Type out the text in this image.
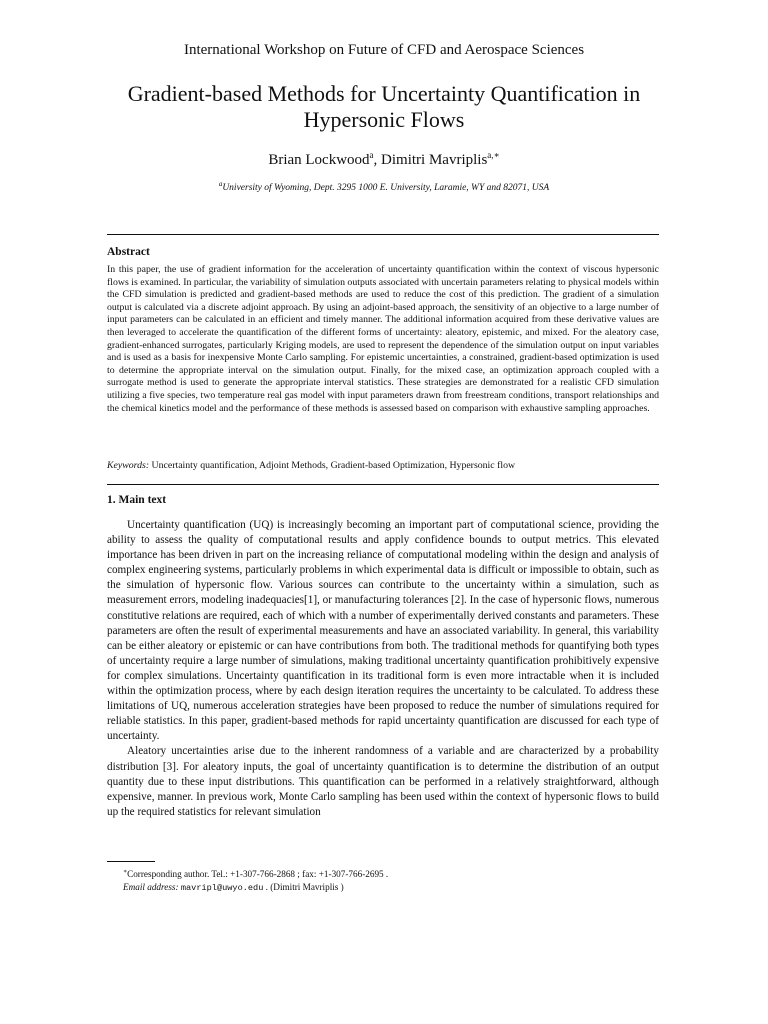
International Workshop on Future of CFD and Aerospace Sciences
Gradient-based Methods for Uncertainty Quantification in Hypersonic Flows
Brian Lockwood$^a$, Dimitri Mavriplis$^{a,∗}$
$^a$University of Wyoming, Dept. 3295 1000 E. University, Laramie, WY and 82071, USA
Abstract
In this paper, the use of gradient information for the acceleration of uncertainty quantification within the context of viscous hypersonic flows is examined. In particular, the variability of simulation outputs associated with uncertain parameters relating to physical models within the CFD simulation is predicted and gradient-based methods are used to reduce the cost of this prediction. The gradient of a simulation output is calculated via a discrete adjoint approach. By using an adjoint-based approach, the sensitivity of an objective to a large number of input parameters can be calculated in an efficient and timely manner. The additional information acquired from these derivative values are then leveraged to accelerate the quantification of the different forms of uncertainty: aleatory, epistemic, and mixed. For the aleatory case, gradient-enhanced surrogates, particularly Kriging models, are used to represent the dependence of the simulation output on input variables and is used as a basis for inexpensive Monte Carlo sampling. For epistemic uncertainties, a constrained, gradient-based optimization is used to determine the appropriate interval on the simulation output. Finally, for the mixed case, an optimization approach coupled with a surrogate method is used to generate the appropriate interval statistics. These strategies are demonstrated for a realistic CFD simulation utilizing a five species, two temperature real gas model with input parameters drawn from freestream conditions, transport relationships and the chemical kinetics model and the performance of these methods is assessed based on comparison with exhaustive sampling approaches.
Keywords: Uncertainty quantification, Adjoint Methods, Gradient-based Optimization, Hypersonic flow
1. Main text

Uncertainty quantification (UQ) is increasingly becoming an important part of computational science, providing the ability to assess the quality of computational results and apply confidence bounds to output metrics. This elevated importance has been driven in part on the increasing reliance of computational modeling within the design and analysis of complex engineering systems, particularly problems in which experimental data is difficult or impossible to obtain, such as the simulation of hypersonic flow. Various sources can contribute to the uncertainty within a simulation, such as measurement errors, modeling inadequacies[1], or manufacturing tolerances [2]. In the case of hypersonic flows, numerous constitutive relations are required, each of which with a number of experimentally derived constants and parameters. These parameters are often the result of experimental measurements and have an associated variability. In general, this variability can be either aleatory or epistemic or can have contributions from both. The traditional methods for quantifying both types of uncertainty require a large number of simulations, making traditional uncertainty quantification prohibitively expensive for complex simulations. Uncertainty quantification in its traditional form is even more intractable when it is included within the optimization process, where by each design iteration requires the uncertainty to be calculated. To address these limitations of UQ, numerous acceleration strategies have been proposed to reduce the number of simulations required for reliable statistics. In this paper, gradient-based methods for rapid uncertainty quantification are discussed for each type of uncertainty.

Aleatory uncertainties arise due to the inherent randomness of a variable and are characterized by a probability distribution [3]. For aleatory inputs, the goal of uncertainty quantification is to determine the distribution of an output quantity due to these input distributions. This quantification can be performed in a relatively straightforward, although expensive, manner. In previous work, Monte Carlo sampling has been used within the context of hypersonic flows to build up the required statistics for relevant simulation

∗Corresponding author. Tel.: +1-307-766-2868 ; fax: +1-307-766-2695 .
Email address: mavripl@uwyo.edu . (Dimitri Mavriplis )
